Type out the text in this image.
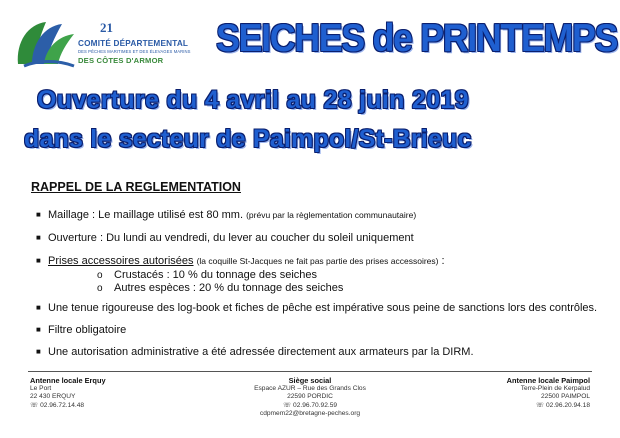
21
COMITÉ DÉPARTEMENTAL
DES PÊCHES MARITIMES ET DES ÉLEVAGES MARINS
DES CÔTES D'ARMOR
SEICHES de PRINTEMPS
Ouverture du 4 avril au 28 juin 2019
dans le secteur de Paimpol/St-Brieuc
RAPPEL DE LA REGLEMENTATION
■ Maillage : Le maillage utilisé est 80 mm. (prévu par la règlementation communautaire)
■ Ouverture : Du lundi au vendredi, du lever au coucher du soleil uniquement
■ Prises accessoires autorisées (la coquille St-Jacques ne fait pas partie des prises accessoires) :
o Crustacés : 10 % du tonnage des seiches
o Autres espèces : 20 % du tonnage des seiches
■ Une tenue rigoureuse des log-book et fiches de pêche est impérative sous peine de sanctions lors des contrôles.
■ Filtre obligatoire
■ Une autorisation administrative a été adressée directement aux armateurs par la DIRM.
Antenne locale Erquy
Le Port
22 430 ERQUY
☏ 02.96.72.14.48
Siège social
Espace AZUR – Rue des Grands Clos
22590 PORDIC
☏ 02.96.70.92.59
cdpmem22@bretagne-peches.org
Antenne locale Paimpol
Terre-Plein de Kerpalud
22500 PAIMPOL
☏ 02.96.20.94.18
